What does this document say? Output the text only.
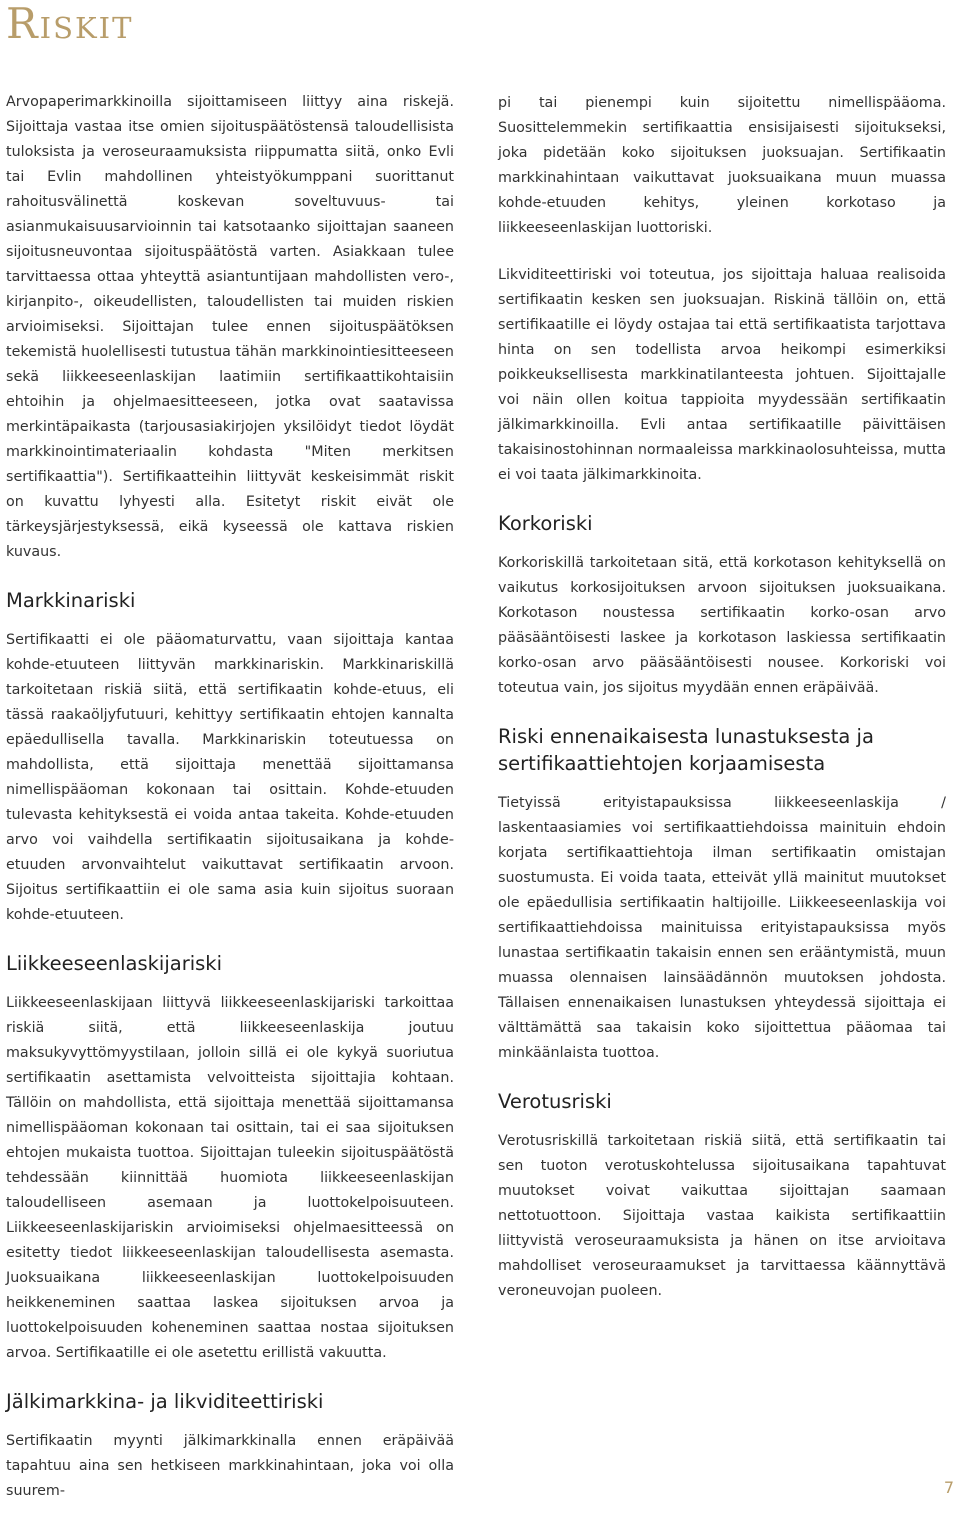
Riskit

Arvopaperimarkkinoilla sijoittamiseen liittyy aina riskejä. Sijoittaja vastaa itse omien sijoituspäätöstensä taloudellisista tuloksista ja veroseuraamuksista riippumatta siitä, onko Evli tai Evlin mahdollinen yhteistyökumppani suorittanut rahoitusvälinettä koskevan soveltuvuus- tai asianmukaisuusarvioinnin tai katsotaanko sijoittajan saaneen sijoitusneuvontaa sijoituspäätöstä varten. Asiakkaan tulee tarvittaessa ottaa yhteyttä asiantuntijaan mahdollisten vero-, kirjanpito-, oikeudellisten, taloudellisten tai muiden riskien arvioimiseksi. Sijoittajan tulee ennen sijoituspäätöksen tekemistä huolellisesti tutustua tähän markkinointiesitteeseen sekä liikkeeseenlaskijan laatimiin sertifikaattikohtaisiin ehtoihin ja ohjelmaesitteeseen, jotka ovat saatavissa merkintäpaikasta (tarjousasiakirjojen yksilöidyt tiedot löydät markkinointimateriaalin kohdasta "Miten merkitsen sertifikaattia"). Sertifikaatteihin liittyvät keskeisimmät riskit on kuvattu lyhyesti alla. Esitetyt riskit eivät ole tärkeysjärjestyksessä, eikä kyseessä ole kattava riskien kuvaus.

Markkinariski

Sertifikaatti ei ole pääomaturvattu, vaan sijoittaja kantaa kohde-etuuteen liittyvän markkinariskin. Markkinariskillä tarkoitetaan riskiä siitä, että sertifikaatin kohde-etuus, eli tässä raakaöljyfutuuri, kehittyy sertifikaatin ehtojen kannalta epäedullisella tavalla. Markkinariskin toteutuessa on mahdollista, että sijoittaja menettää sijoittamansa nimellispääoman kokonaan tai osittain. Kohde-etuuden tulevasta kehityksestä ei voida antaa takeita. Kohde-etuuden arvo voi vaihdella sertifikaatin sijoitusaikana ja kohde-etuuden arvonvaihtelut vaikuttavat sertifikaatin arvoon. Sijoitus sertifikaattiin ei ole sama asia kuin sijoitus suoraan kohde-etuuteen.

Liikkeeseenlaskijariski

Liikkeeseenlaskijaan liittyvä liikkeeseenlaskijariski tarkoittaa riskiä siitä, että liikkeeseenlaskija joutuu maksukyvyttömyystilaan, jolloin sillä ei ole kykyä suoriutua sertifikaatin asettamista velvoitteista sijoittajia kohtaan. Tällöin on mahdollista, että sijoittaja menettää sijoittamansa nimellispääoman kokonaan tai osittain, tai ei saa sijoituksen ehtojen mukaista tuottoa. Sijoittajan tuleekin sijoituspäätöstä tehdessään kiinnittää huomiota liikkeeseenlaskijan taloudelliseen asemaan ja luottokelpoisuuteen. Liikkeeseenlaskijariskin arvioimiseksi ohjelmaesitteessä on esitetty tiedot liikkeeseenlaskijan taloudellisesta asemasta. Juoksuaikana liikkeeseenlaskijan luottokelpoisuuden heikkeneminen saattaa laskea sijoituksen arvoa ja luottokelpoisuuden koheneminen saattaa nostaa sijoituksen arvoa. Sertifikaatille ei ole asetettu erillistä vakuutta.

Jälkimarkkina- ja likviditeettiriski

Sertifikaatin myynti jälkimarkkinalla ennen eräpäivää tapahtuu aina sen hetkiseen markkinahintaan, joka voi olla suurem-

pi tai pienempi kuin sijoitettu nimellispääoma. Suosittelemmekin sertifikaattia ensisijaisesti sijoitukseksi, joka pidetään koko sijoituksen juoksuajan. Sertifikaatin markkinahintaan vaikuttavat juoksuaikana muun muassa kohde-etuuden kehitys, yleinen korkotaso ja liikkeeseenlaskijan luottoriski.

Likviditeettiriski voi toteutua, jos sijoittaja haluaa realisoida sertifikaatin kesken sen juoksuajan. Riskinä tällöin on, että sertifikaatille ei löydy ostajaa tai että sertifikaatista tarjottava hinta on sen todellista arvoa heikompi esimerkiksi poikkeuksellisesta markkinatilanteesta johtuen. Sijoittajalle voi näin ollen koitua tappioita myydessään sertifikaatin jälkimarkkinoilla. Evli antaa sertifikaatille päivittäisen takaisinostohinnan normaaleissa markkinaolosuhteissa, mutta ei voi taata jälkimarkkinoita.

Korkoriski

Korkoriskillä tarkoitetaan sitä, että korkotason kehityksellä on vaikutus korkosijoituksen arvoon sijoituksen juoksuaikana. Korkotason noustessa sertifikaatin korko-osan arvo pääsääntöisesti laskee ja korkotason laskiessa sertifikaatin korko-osan arvo pääsääntöisesti nousee. Korkoriski voi toteutua vain, jos sijoitus myydään ennen eräpäivää.

Riski ennenaikaisesta lunastuksesta ja sertifikaattiehtojen korjaamisesta

Tietyissä erityistapauksissa liikkeeseenlaskija / laskentaasiamies voi sertifikaattiehdoissa mainituin ehdoin korjata sertifikaattiehtoja ilman sertifikaatin omistajan suostumusta. Ei voida taata, etteivät yllä mainitut muutokset ole epäedullisia sertifikaatin haltijoille. Liikkeeseenlaskija voi sertifikaattiehdoissa mainituissa erityistapauksissa myös lunastaa sertifikaatin takaisin ennen sen erääntymistä, muun muassa olennaisen lainsäädännön muutoksen johdosta. Tällaisen ennenaikaisen lunastuksen yhteydessä sijoittaja ei välttämättä saa takaisin koko sijoittettua pääomaa tai minkäänlaista tuottoa.

Verotusriski

Verotusriskillä tarkoitetaan riskiä siitä, että sertifikaatin tai sen tuoton verotuskohtelussa sijoitusaikana tapahtuvat muutokset voivat vaikuttaa sijoittajan saamaan nettotuottoon. Sijoittaja vastaa kaikista sertifikaattiin liittyvistä veroseuraamuksista ja hänen on itse arvioitava mahdolliset veroseuraamukset ja tarvittaessa käännyttävä veroneuvojan puoleen.

7
